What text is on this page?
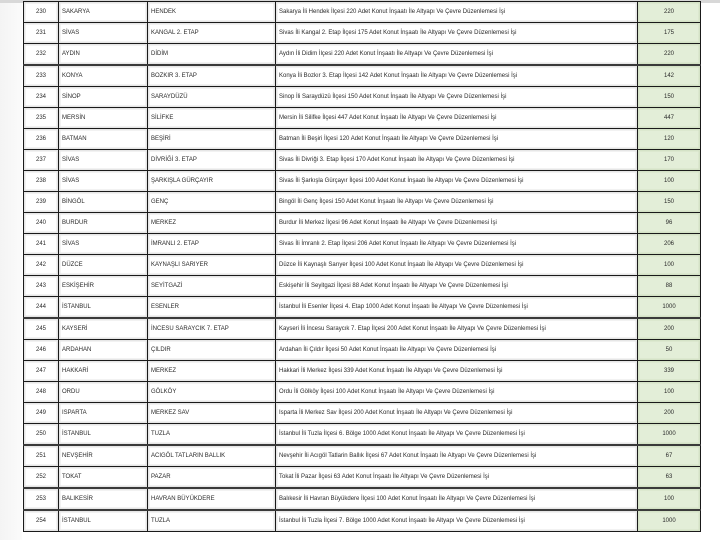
230	SAKARYA	HENDEK	Sakarya İli Hendek İlçesi 220 Adet Konut İnşaatı İle Altyapı Ve Çevre Düzenlemesi İşi	220
231	SİVAS	KANGAL 2. ETAP	Sivas İli Kangal 2. Etap İlçesi 175 Adet Konut İnşaatı İle Altyapı Ve Çevre Düzenlemesi İşi	175
232	AYDIN	DİDİM	Aydın İli Didim İlçesi 220 Adet Konut İnşaatı İle Altyapı Ve Çevre Düzenlemesi İşi	220
233	KONYA	BOZKIR 3. ETAP	Konya İli Bozkır 3. Etap İlçesi 142 Adet Konut İnşaatı İle Altyapı Ve Çevre Düzenlemesi İşi	142
234	SİNOP	SARAYDÜZÜ	Sinop İli Saraydüzü İlçesi 150 Adet Konut İnşaatı İle Altyapı Ve Çevre Düzenlemesi İşi	150
235	MERSİN	SİLİFKE	Mersin İli Silifke İlçesi 447 Adet Konut İnşaatı İle Altyapı Ve Çevre Düzenlemesi İşi	447
236	BATMAN	BEŞİRİ	Batman İli Beşiri İlçesi 120 Adet Konut İnşaatı İle Altyapı Ve Çevre Düzenlemesi İşi	120
237	SİVAS	DİVRİĞİ 3. ETAP	Sivas İli Divriği 3. Etap İlçesi 170 Adet Konut İnşaatı İle Altyapı Ve Çevre Düzenlemesi İşi	170
238	SİVAS	ŞARKIŞLA GÜRÇAYIR	Sivas İli Şarkışla Gürçayır İlçesi 100 Adet Konut İnşaatı İle Altyapı Ve Çevre Düzenlemesi İşi	100
239	BİNGÖL	GENÇ	Bingöl İli Genç İlçesi 150 Adet Konut İnşaatı İle Altyapı Ve Çevre Düzenlemesi İşi	150
240	BURDUR	MERKEZ	Burdur İli Merkez İlçesi 96 Adet Konut İnşaatı İle Altyapı Ve Çevre Düzenlemesi İşi	96
241	SİVAS	İMRANLI 2. ETAP	Sivas İli İmranlı 2. Etap İlçesi 206 Adet Konut İnşaatı İle Altyapı Ve Çevre Düzenlemesi İşi	206
242	DÜZCE	KAYNAŞLI SARIYER	Düzce İli Kaynaşlı Sarıyer İlçesi 100 Adet Konut İnşaatı İle Altyapı Ve Çevre Düzenlemesi İşi	100
243	ESKİŞEHİR	SEYİTGAZİ	Eskişehir İli Seyitgazi İlçesi 88 Adet Konut İnşaatı İle Altyapı Ve Çevre Düzenlemesi İşi	88
244	İSTANBUL	ESENLER	İstanbul İli Esenler İlçesi 4. Etap 1000 Adet Konut İnşaatı İle Altyapı Ve Çevre Düzenlemesi İşi	1000
245	KAYSERİ	İNCESU SARAYCIK 7. ETAP	Kayseri İli İncesu Saraycık 7. Etap İlçesi 200 Adet Konut İnşaatı İle Altyapı Ve Çevre Düzenlemesi İşi	200
246	ARDAHAN	ÇILDIR	Ardahan İli Çıldır İlçesi 50 Adet Konut İnşaatı İle Altyapı Ve Çevre Düzenlemesi İşi	50
247	HAKKARİ	MERKEZ	Hakkari İli Merkez İlçesi 339 Adet Konut İnşaatı İle Altyapı Ve Çevre Düzenlemesi İşi	339
248	ORDU	GÖLKÖY	Ordu İli Gölköy İlçesi 100 Adet Konut İnşaatı İle Altyapı Ve Çevre Düzenlemesi İşi	100
249	ISPARTA	MERKEZ SAV	Isparta İli Merkez Sav İlçesi 200 Adet Konut İnşaatı İle Altyapı Ve Çevre Düzenlemesi İşi	200
250	İSTANBUL	TUZLA	İstanbul İli Tuzla İlçesi 6. Bölge 1000 Adet Konut İnşaatı İle Altyapı Ve Çevre Düzenlemesi İşi	1000
251	NEVŞEHİR	ACIGÖL TATLARIN BALLIK	Nevşehir İli Acıgöl Tatlarin Ballık İlçesi 67 Adet Konut İnşaatı İle Altyapı Ve Çevre Düzenlemesi İşi	67
252	TOKAT	PAZAR	Tokat İli Pazar İlçesi 63 Adet Konut İnşaatı İle Altyapı Ve Çevre Düzenlemesi İşi	63
253	BALIKESİR	HAVRAN BÜYÜKDERE	Balıkesir İli Havran Büyükdere İlçesi 100 Adet Konut İnşaatı İle Altyapı Ve Çevre Düzenlemesi İşi	100
254	İSTANBUL	TUZLA	İstanbul İli Tuzla İlçesi 7. Bölge 1000 Adet Konut İnşaatı İle Altyapı Ve Çevre Düzenlemesi İşi	1000
